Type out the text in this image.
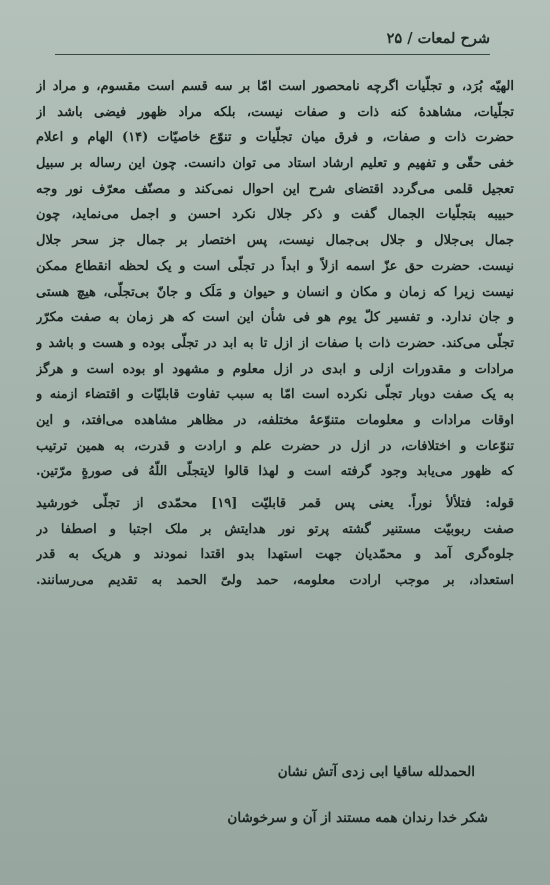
شرح لمعات / ۲۵
الهیّه بُرَد، و تجلّیات اگرچه نامحصور است امّا بر سه قسم است مقسوم، و مراد از
تجلّیات، مشاهدهٔ کنه ذات و صفات نیست، بلکه مراد ظهور فیضی باشد از
حضرت ذات و صفات، و فرق میان تجلّیات و تنوّع خاصیّات (۱۴) الهام و اعلام
خفی حقّی و تفهیم و تعلیم ارشاد استاد می توان دانست. چون این رساله بر سبیل
تعجیل قلمی می‌گردد اقتضای شرح این احوال نمی‌کند و مصنّف معرّف نور وجه
حبیبه بتجلّیات الجمال گفت و ذکر جلال نکرد احسن و اجمل می‌نماید، چون
جمال بی‌جلال و جلال بی‌جمال نیست، پس اختصار بر جمال جز سحر جلال
نیست. حضرت حق عزّ اسمه ازلاً و ابداً در تجلّی است و یک لحظه انقطاع ممکن
نیست زیرا که زمان و مکان و انسان و حیوان و مَلَک و جانّ بی‌تجلّی، هیچ هستی
و جان ندارد. و تفسیر کلّ یوم هو فی شأن این است که هر زمان به صفت مکرّر
تجلّی می‌کند. حضرت ذات با صفات از ازل تا به ابد در تجلّی بوده و هست و باشد و
مرادات و مقدورات ازلی و ابدی در ازل معلوم و مشهود او بوده است و هرگز
به یک صفت دوبار تجلّی نکرده است امّا به سبب تفاوت قابلیّات و اقتضاء ازمنه و
اوقات مرادات و معلومات متنوّعهٔ مختلفه، در مظاهر مشاهده می‌افتد، و این
تنوّعات و اختلافات، در ازل در حضرت علم و ارادت و قدرت، به همین ترتیب
که ظهور می‌یابد وجود گرفته است و لهذا قالوا لایتجلّی اللّهُ فی صورةٍ مرّتین.
قوله: فتلألأ نوراً. یعنی پس قمر قابلیّت [۱۹] محمّدی از تجلّی خورشید
صفت ربوبیّت مستنیر گشته پرتو نور هدایتش بر ملک اجتبا و اصطفا در
جلوه‌گری آمد و محمّدیان جهت استهدا بدو اقتدا نمودند و هریک به قدر
استعداد، بر موجب ارادت معلومه، حمد ولیّ الحمد به تقدیم می‌رسانند.
الحمدلله ساقیا ابی زدی آتش نشان
شکر خدا رندان همه مستند از آن و سرخوشان
